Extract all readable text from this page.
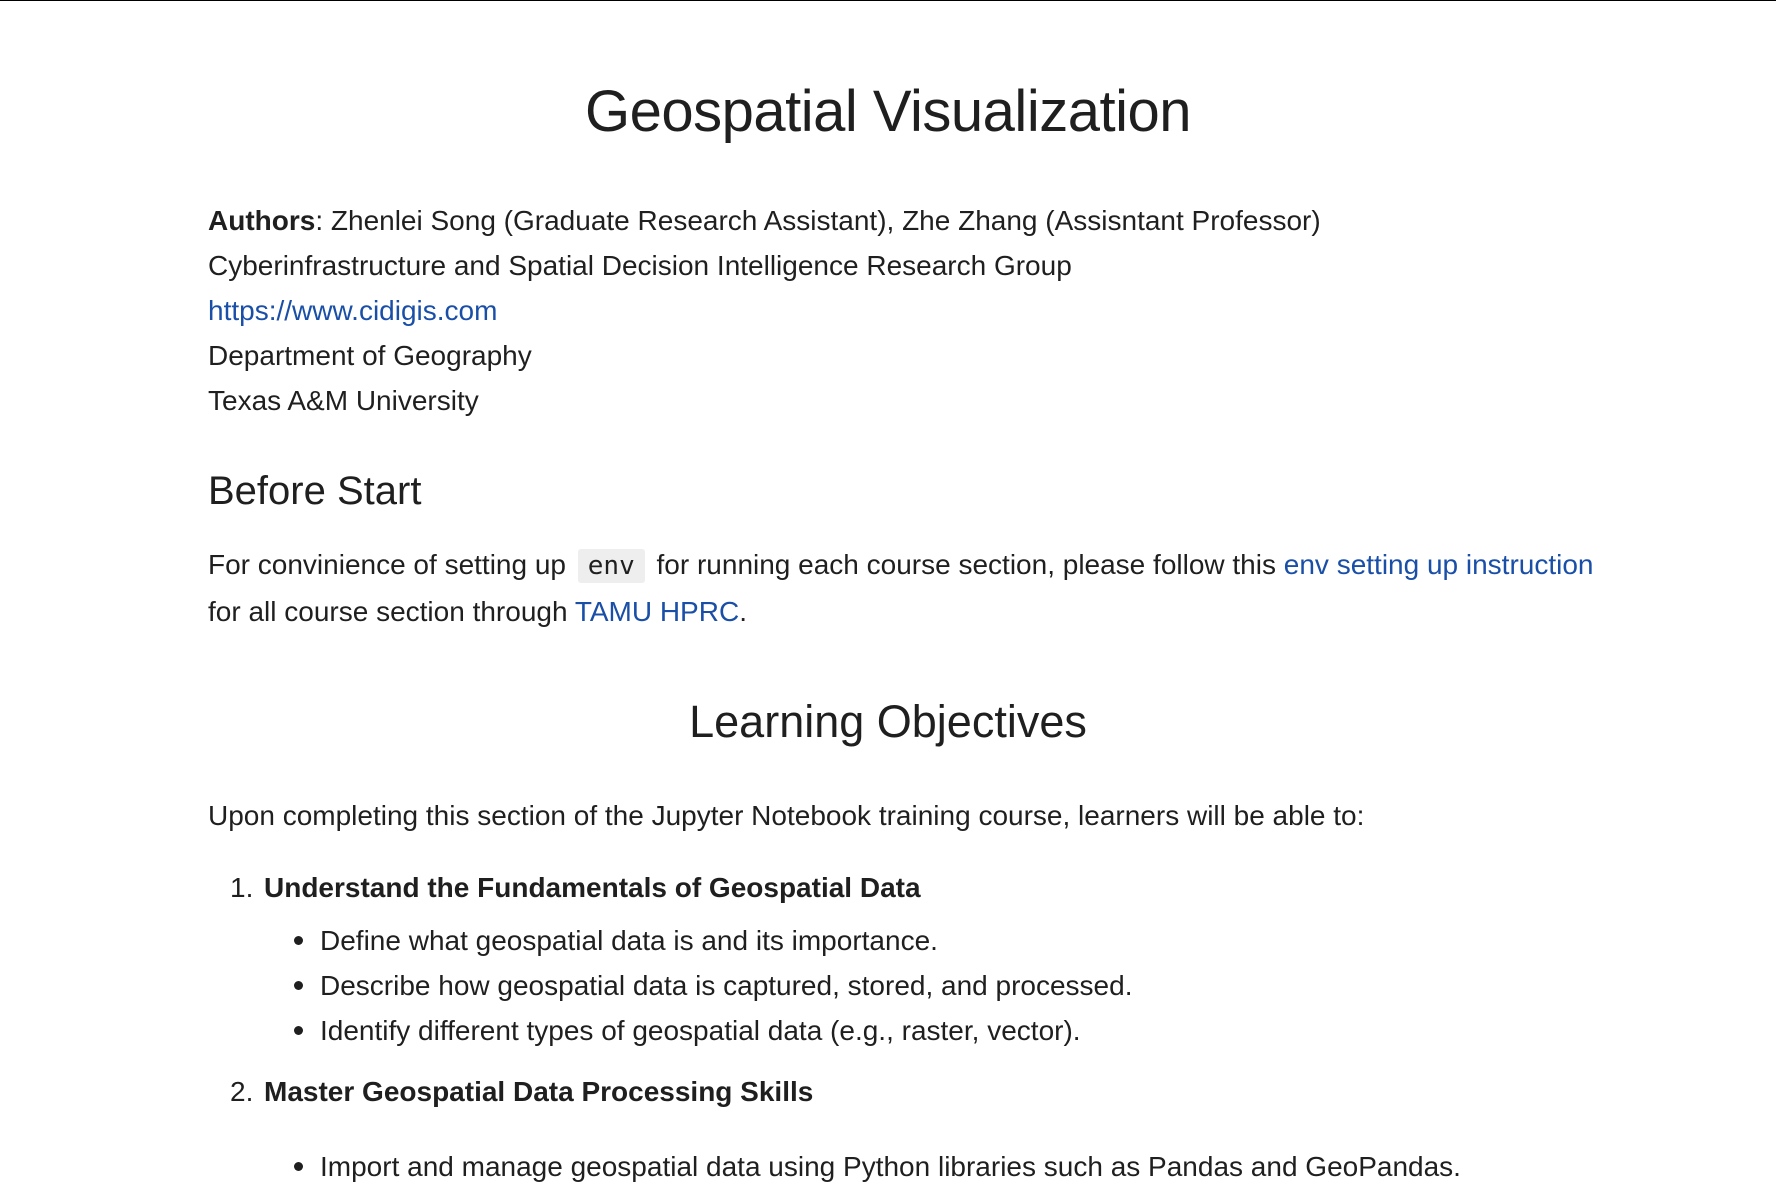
Geospatial Visualization
Authors: Zhenlei Song (Graduate Research Assistant), Zhe Zhang (Assisntant Professor)
Cyberinfrastructure and Spatial Decision Intelligence Research Group
https://www.cidigis.com
Department of Geography
Texas A&M University
Before Start
For convinience of setting up env for running each course section, please follow this env setting up instruction
for all course section through TAMU HPRC.
Learning Objectives
Upon completing this section of the Jupyter Notebook training course, learners will be able to:
1. Understand the Fundamentals of Geospatial Data
Define what geospatial data is and its importance.
Describe how geospatial data is captured, stored, and processed.
Identify different types of geospatial data (e.g., raster, vector).
2. Master Geospatial Data Processing Skills
Import and manage geospatial data using Python libraries such as Pandas and GeoPandas.
